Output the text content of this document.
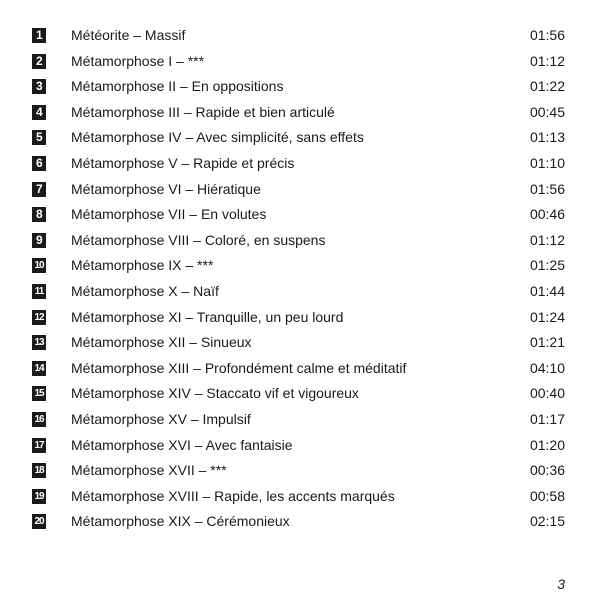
1 Météorite – Massif	01:56
2 Métamorphose I – ***	01:12
3 Métamorphose II – En oppositions	01:22
4 Métamorphose III – Rapide et bien articulé	00:45
5 Métamorphose IV – Avec simplicité, sans effets	01:13
6 Métamorphose V – Rapide et précis	01:10
7 Métamorphose VI – Hiératique	01:56
8 Métamorphose VII – En volutes	00:46
9 Métamorphose VIII – Coloré, en suspens	01:12
10 Métamorphose IX – ***	01:25
11 Métamorphose X – Naïf	01:44
12 Métamorphose XI – Tranquille, un peu lourd	01:24
13 Métamorphose XII – Sinueux	01:21
14 Métamorphose XIII – Profondément calme et méditatif	04:10
15 Métamorphose XIV – Staccato vif et vigoureux	00:40
16 Métamorphose XV – Impulsif	01:17
17 Métamorphose XVI – Avec fantaisie	01:20
18 Métamorphose XVII – ***	00:36
19 Métamorphose XVIII – Rapide, les accents marqués	00:58
20 Métamorphose XIX – Cérémonieux	02:15
3
